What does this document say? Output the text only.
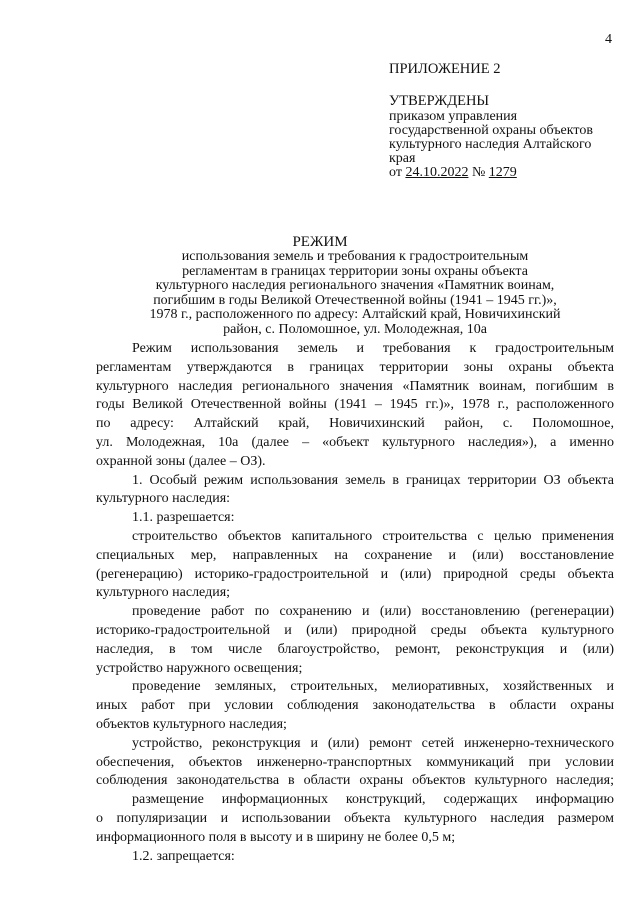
4
ПРИЛОЖЕНИЕ 2
УТВЕРЖДЕНЫ
приказом управления
государственной охраны объектов
культурного наследия Алтайского
края
от 24.10.2022 № 1279
РЕЖИМ
использования земель и требования к градостроительным
регламентам в границах территории зоны охраны объекта
культурного наследия регионального значения «Памятник воинам,
погибшим в годы Великой Отечественной войны (1941 – 1945 гг.)»,
1978 г., расположенного по адресу: Алтайский край, Новичихинский
район, с. Поломошное, ул. Молодежная, 10а
Режим использования земель и требования к градостроительным
регламентам утверждаются в границах территории зоны охраны объекта
культурного наследия регионального значения «Памятник воинам, погибшим в
годы Великой Отечественной войны (1941 – 1945 гг.)», 1978 г., расположенного
по адресу: Алтайский край, Новичихинский район, с. Поломошное,
ул. Молодежная, 10а (далее – «объект культурного наследия»), а именно
охранной зоны (далее – ОЗ).
1. Особый режим использования земель в границах территории ОЗ объекта
культурного наследия:
1.1. разрешается:
строительство объектов капитального строительства с целью применения
специальных мер, направленных на сохранение и (или) восстановление
(регенерацию) историко-градостроительной и (или) природной среды объекта
культурного наследия;
проведение работ по сохранению и (или) восстановлению (регенерации)
историко-градостроительной и (или) природной среды объекта культурного
наследия, в том числе благоустройство, ремонт, реконструкция и (или)
устройство наружного освещения;
проведение земляных, строительных, мелиоративных, хозяйственных и
иных работ при условии соблюдения законодательства в области охраны
объектов культурного наследия;
устройство, реконструкция и (или) ремонт сетей инженерно-технического
обеспечения, объектов инженерно-транспортных коммуникаций при условии
соблюдения законодательства в области охраны объектов культурного наследия;
размещение информационных конструкций, содержащих информацию
о популяризации и использовании объекта культурного наследия размером
информационного поля в высоту и в ширину не более 0,5 м;
1.2. запрещается:
